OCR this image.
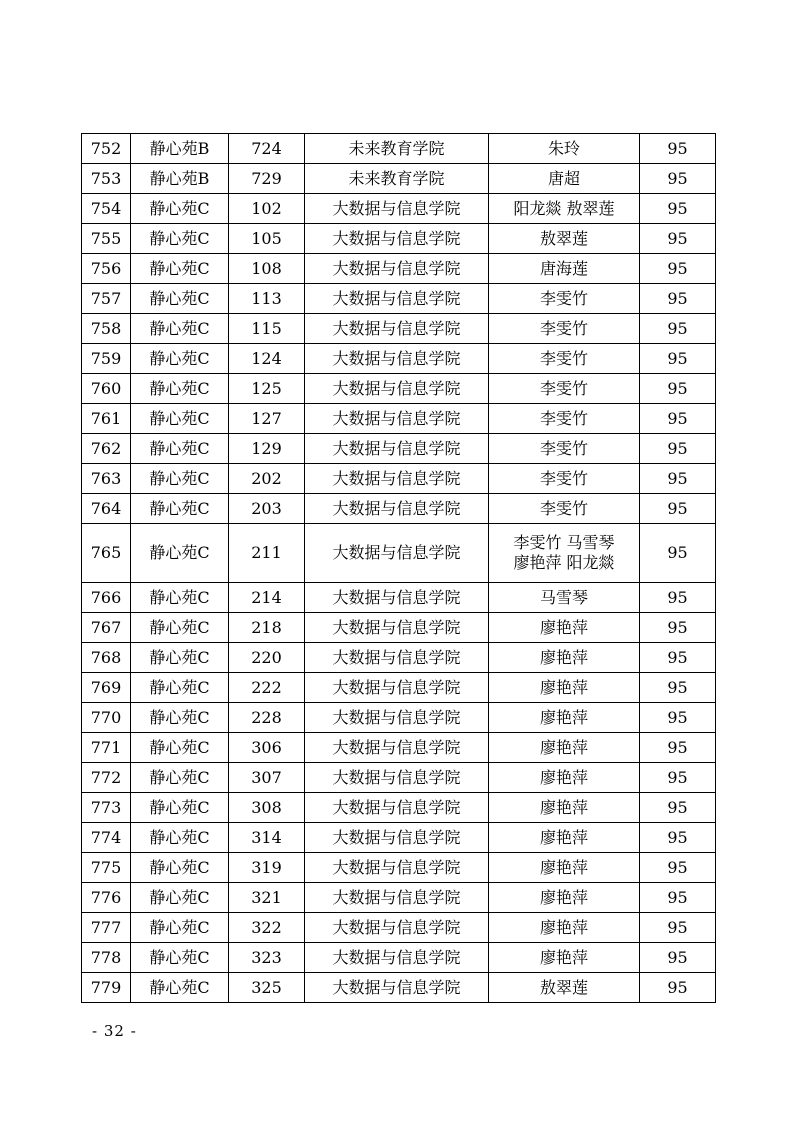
752	静心苑B	724	未来教育学院	朱玲	95
753	静心苑B	729	未来教育学院	唐超	95
754	静心苑C	102	大数据与信息学院	阳龙燚 敖翠莲	95
755	静心苑C	105	大数据与信息学院	敖翠莲	95
756	静心苑C	108	大数据与信息学院	唐海莲	95
757	静心苑C	113	大数据与信息学院	李雯竹	95
758	静心苑C	115	大数据与信息学院	李雯竹	95
759	静心苑C	124	大数据与信息学院	李雯竹	95
760	静心苑C	125	大数据与信息学院	李雯竹	95
761	静心苑C	127	大数据与信息学院	李雯竹	95
762	静心苑C	129	大数据与信息学院	李雯竹	95
763	静心苑C	202	大数据与信息学院	李雯竹	95
764	静心苑C	203	大数据与信息学院	李雯竹	95
765	静心苑C	211	大数据与信息学院	李雯竹 马雪琴
廖艳萍 阳龙燚	95
766	静心苑C	214	大数据与信息学院	马雪琴	95
767	静心苑C	218	大数据与信息学院	廖艳萍	95
768	静心苑C	220	大数据与信息学院	廖艳萍	95
769	静心苑C	222	大数据与信息学院	廖艳萍	95
770	静心苑C	228	大数据与信息学院	廖艳萍	95
771	静心苑C	306	大数据与信息学院	廖艳萍	95
772	静心苑C	307	大数据与信息学院	廖艳萍	95
773	静心苑C	308	大数据与信息学院	廖艳萍	95
774	静心苑C	314	大数据与信息学院	廖艳萍	95
775	静心苑C	319	大数据与信息学院	廖艳萍	95
776	静心苑C	321	大数据与信息学院	廖艳萍	95
777	静心苑C	322	大数据与信息学院	廖艳萍	95
778	静心苑C	323	大数据与信息学院	廖艳萍	95
779	静心苑C	325	大数据与信息学院	敖翠莲	95
- 32 -
